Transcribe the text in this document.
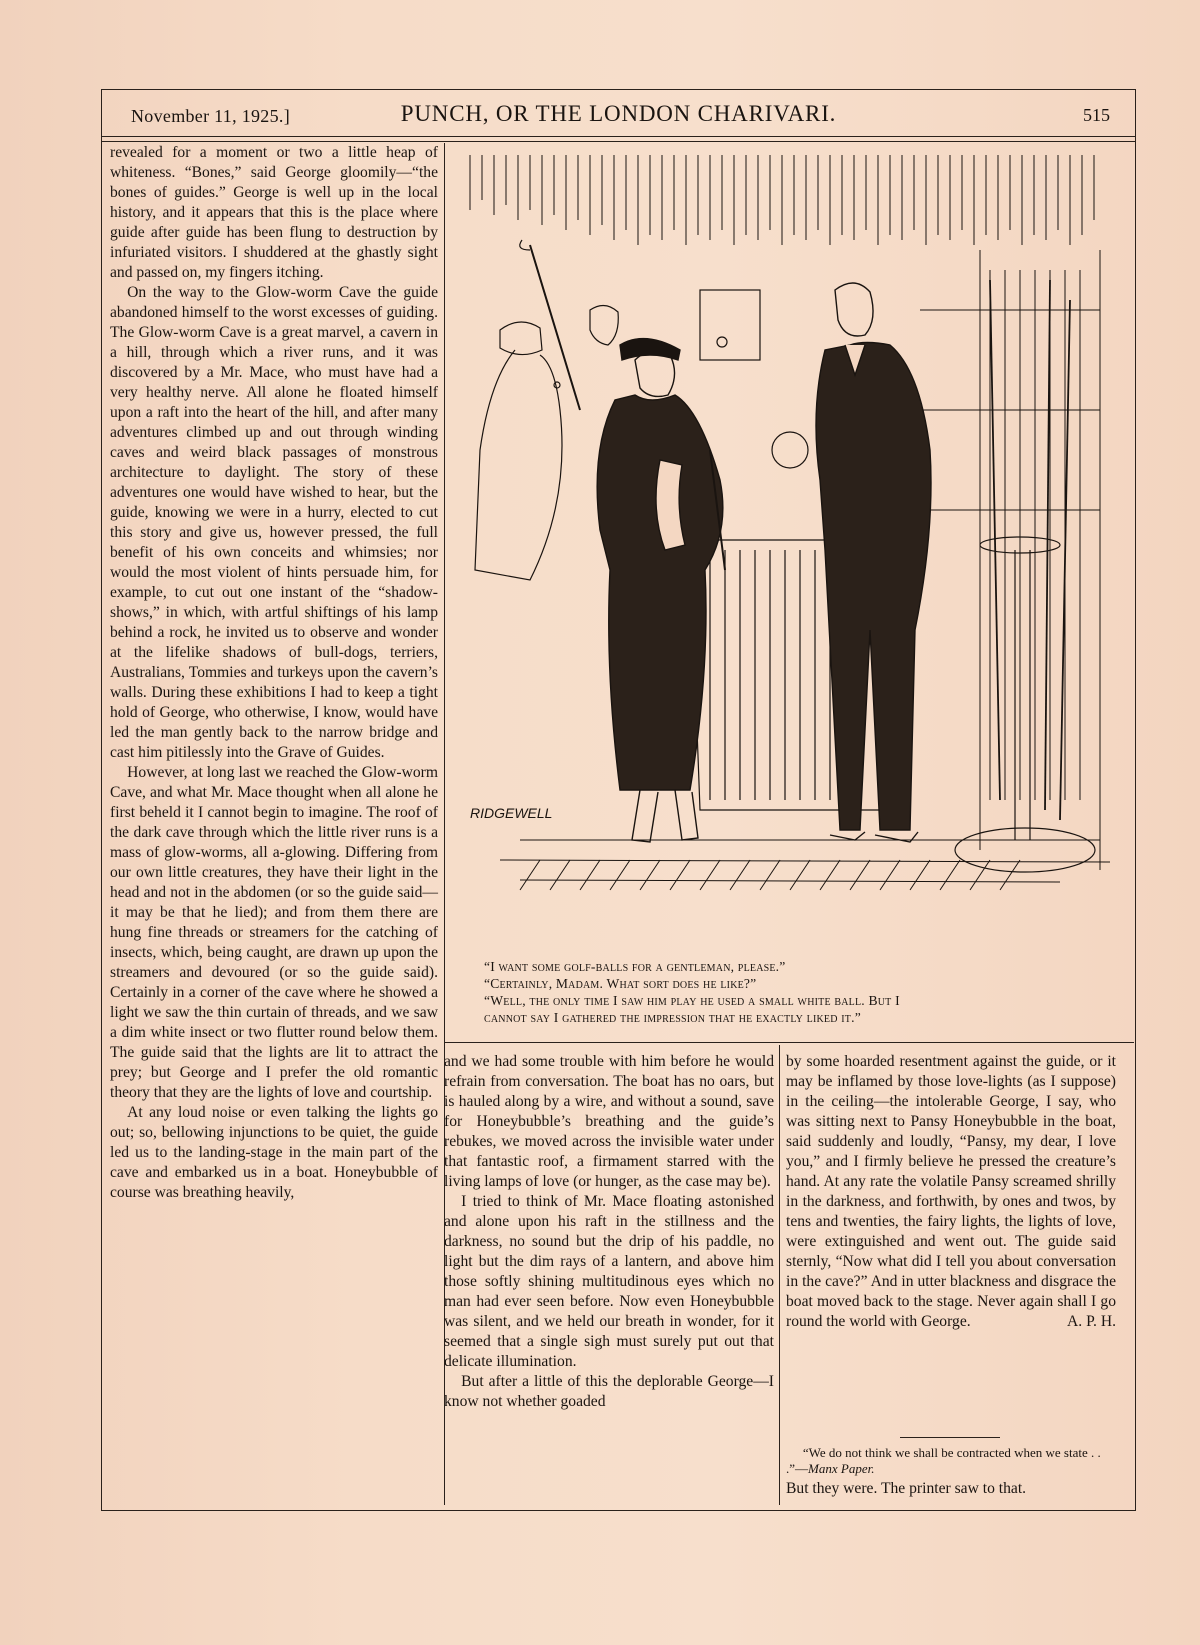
November 11, 1925.]	PUNCH, OR THE LONDON CHARIVARI.	515

revealed for a moment or two a little heap of whiteness. “Bones,” said George gloomily—“the bones of guides.” George is well up in the local history, and it appears that this is the place where guide after guide has been flung to destruction by infuriated visitors. I shuddered at the ghastly sight and passed on, my fingers itching.

On the way to the Glow-worm Cave the guide abandoned himself to the worst excesses of guiding. The Glow-worm Cave is a great marvel, a cavern in a hill, through which a river runs, and it was discovered by a Mr. Mace, who must have had a very healthy nerve. All alone he floated himself upon a raft into the heart of the hill, and after many adventures climbed up and out through winding caves and weird black passages of monstrous architecture to daylight. The story of these adventures one would have wished to hear, but the guide, knowing we were in a hurry, elected to cut this story and give us, however pressed, the full benefit of his own conceits and whimsies; nor would the most violent of hints persuade him, for example, to cut out one instant of the “shadow-shows,” in which, with artful shiftings of his lamp behind a rock, he invited us to observe and wonder at the lifelike shadows of bull-dogs, terriers, Australians, Tommies and turkeys upon the cavern’s walls. During these exhibitions I had to keep a tight hold of George, who otherwise, I know, would have led the man gently back to the narrow bridge and cast him pitilessly into the Grave of Guides.

However, at long last we reached the Glow-worm Cave, and what Mr. Mace thought when all alone he first beheld it I cannot begin to imagine. The roof of the dark cave through which the little river runs is a mass of glow-worms, all a-glowing. Differing from our own little creatures, they have their light in the head and not in the abdomen (or so the guide said—it may be that he lied); and from them there are hung fine threads or streamers for the catching of insects, which, being caught, are drawn up upon the streamers and devoured (or so the guide said). Certainly in a corner of the cave where he showed a light we saw the thin curtain of threads, and we saw a dim white insect or two flutter round below them. The guide said that the lights are lit to attract the prey; but George and I prefer the old romantic theory that they are the lights of love and courtship.

At any loud noise or even talking the lights go out; so, bellowing injunctions to be quiet, the guide led us to the landing-stage in the main part of the cave and embarked us in a boat. Honeybubble of course was breathing heavily,

RIDGEWELL
“I want some golf-balls for a gentleman, please.”
“Certainly, Madam. What sort does he like?”
“Well, the only time I saw him play he used a small white ball. But I
cannot say I gathered the impression that he exactly liked it.”

and we had some trouble with him before he would refrain from conversation. The boat has no oars, but is hauled along by a wire, and without a sound, save for Honeybubble’s breathing and the guide’s rebukes, we moved across the invisible water under that fantastic roof, a firmament starred with the living lamps of love (or hunger, as the case may be).

I tried to think of Mr. Mace floating astonished and alone upon his raft in the stillness and the darkness, no sound but the drip of his paddle, no light but the dim rays of a lantern, and above him those softly shining multitudinous eyes which no man had ever seen before. Now even Honeybubble was silent, and we held our breath in wonder, for it seemed that a single sigh must surely put out that delicate illumination.

But after a little of this the deplorable George—I know not whether goaded

by some hoarded resentment against the guide, or it may be inflamed by those love-lights (as I suppose) in the ceiling—the intolerable George, I say, who was sitting next to Pansy Honeybubble in the boat, said suddenly and loudly, “Pansy, my dear, I love you,” and I firmly believe he pressed the creature’s hand. At any rate the volatile Pansy screamed shrilly in the darkness, and forthwith, by ones and twos, by tens and twenties, the fairy lights, the lights of love, were extinguished and went out. The guide said sternly, “Now what did I tell you about conversation in the cave?” And in utter blackness and disgrace the boat moved back to the stage. Never again shall I go round the world with George.	A. P. H.

“We do not think we shall be contracted when we state . . .”—Manx Paper.
But they were. The printer saw to that.
